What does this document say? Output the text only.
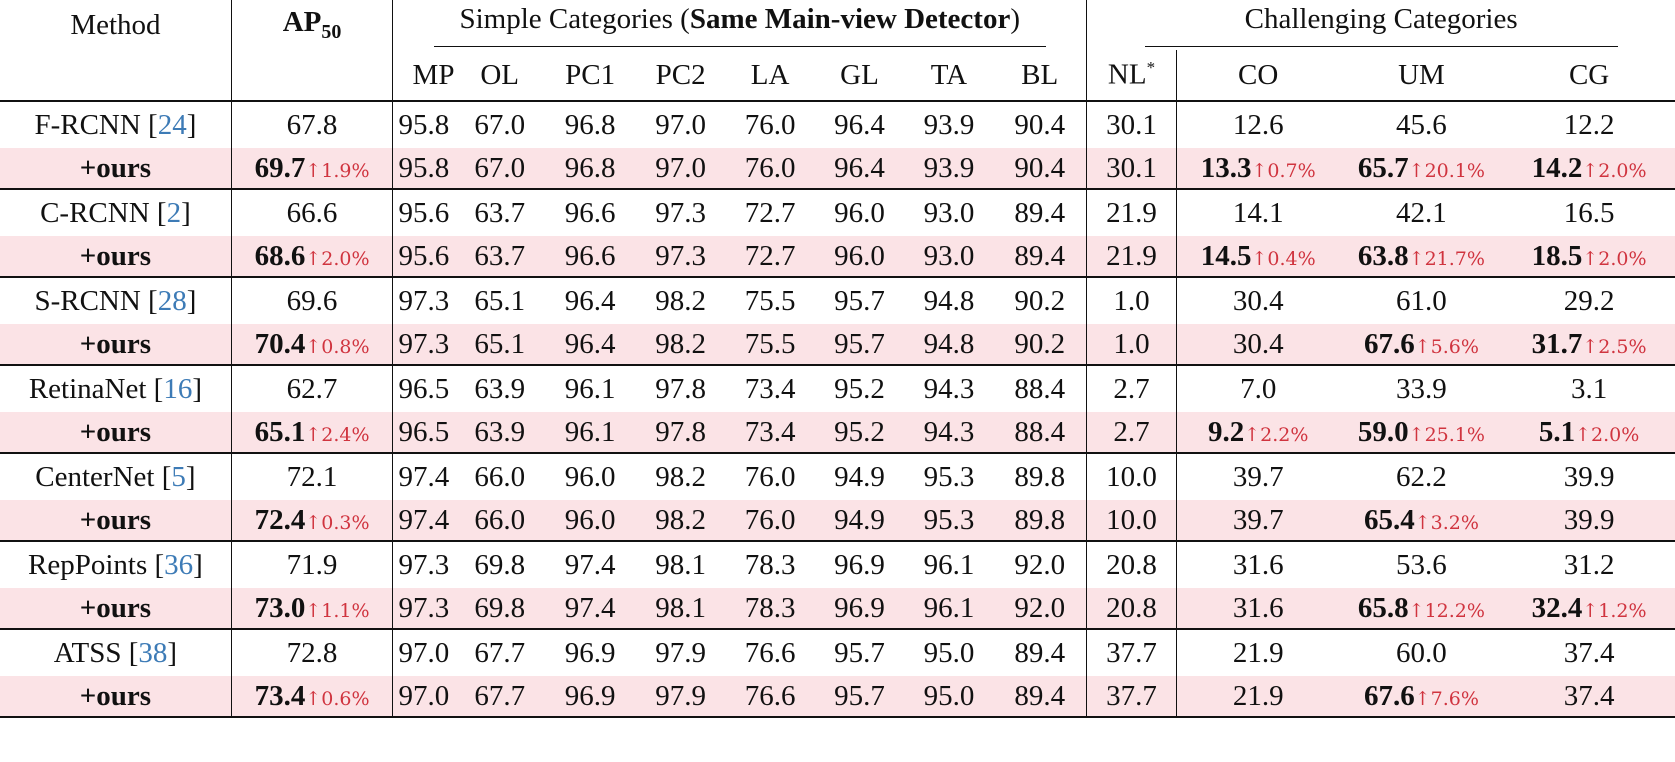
Method	$AP_{50}$	Simple Categories (Same Main-view Detector)								Challenging Categories			
		MP	OL	PC1	PC2	LA	GL	TA	BL	NL*	CO	UM	CG
F-RCNN [24]	67.8	95.8	67.0	96.8	97.0	76.0	96.4	93.9	90.4	30.1	12.6	45.6	12.2
+ours	69.7↑1.9%	95.8	67.0	96.8	97.0	76.0	96.4	93.9	90.4	30.1	13.3↑0.7%	65.7↑20.1%	14.2↑2.0%
C-RCNN [2]	66.6	95.6	63.7	96.6	97.3	72.7	96.0	93.0	89.4	21.9	14.1	42.1	16.5
+ours	68.6↑2.0%	95.6	63.7	96.6	97.3	72.7	96.0	93.0	89.4	21.9	14.5↑0.4%	63.8↑21.7%	18.5↑2.0%
S-RCNN [28]	69.6	97.3	65.1	96.4	98.2	75.5	95.7	94.8	90.2	1.0	30.4	61.0	29.2
+ours	70.4↑0.8%	97.3	65.1	96.4	98.2	75.5	95.7	94.8	90.2	1.0	30.4	67.6↑5.6%	31.7↑2.5%
RetinaNet [16]	62.7	96.5	63.9	96.1	97.8	73.4	95.2	94.3	88.4	2.7	7.0	33.9	3.1
+ours	65.1↑2.4%	96.5	63.9	96.1	97.8	73.4	95.2	94.3	88.4	2.7	9.2↑2.2%	59.0↑25.1%	5.1↑2.0%
CenterNet [5]	72.1	97.4	66.0	96.0	98.2	76.0	94.9	95.3	89.8	10.0	39.7	62.2	39.9
+ours	72.4↑0.3%	97.4	66.0	96.0	98.2	76.0	94.9	95.3	89.8	10.0	39.7	65.4↑3.2%	39.9
RepPoints [36]	71.9	97.3	69.8	97.4	98.1	78.3	96.9	96.1	92.0	20.8	31.6	53.6	31.2
+ours	73.0↑1.1%	97.3	69.8	97.4	98.1	78.3	96.9	96.1	92.0	20.8	31.6	65.8↑12.2%	32.4↑1.2%
ATSS [38]	72.8	97.0	67.7	96.9	97.9	76.6	95.7	95.0	89.4	37.7	21.9	60.0	37.4
+ours	73.4↑0.6%	97.0	67.7	96.9	97.9	76.6	95.7	95.0	89.4	37.7	21.9	67.6↑7.6%	37.4
